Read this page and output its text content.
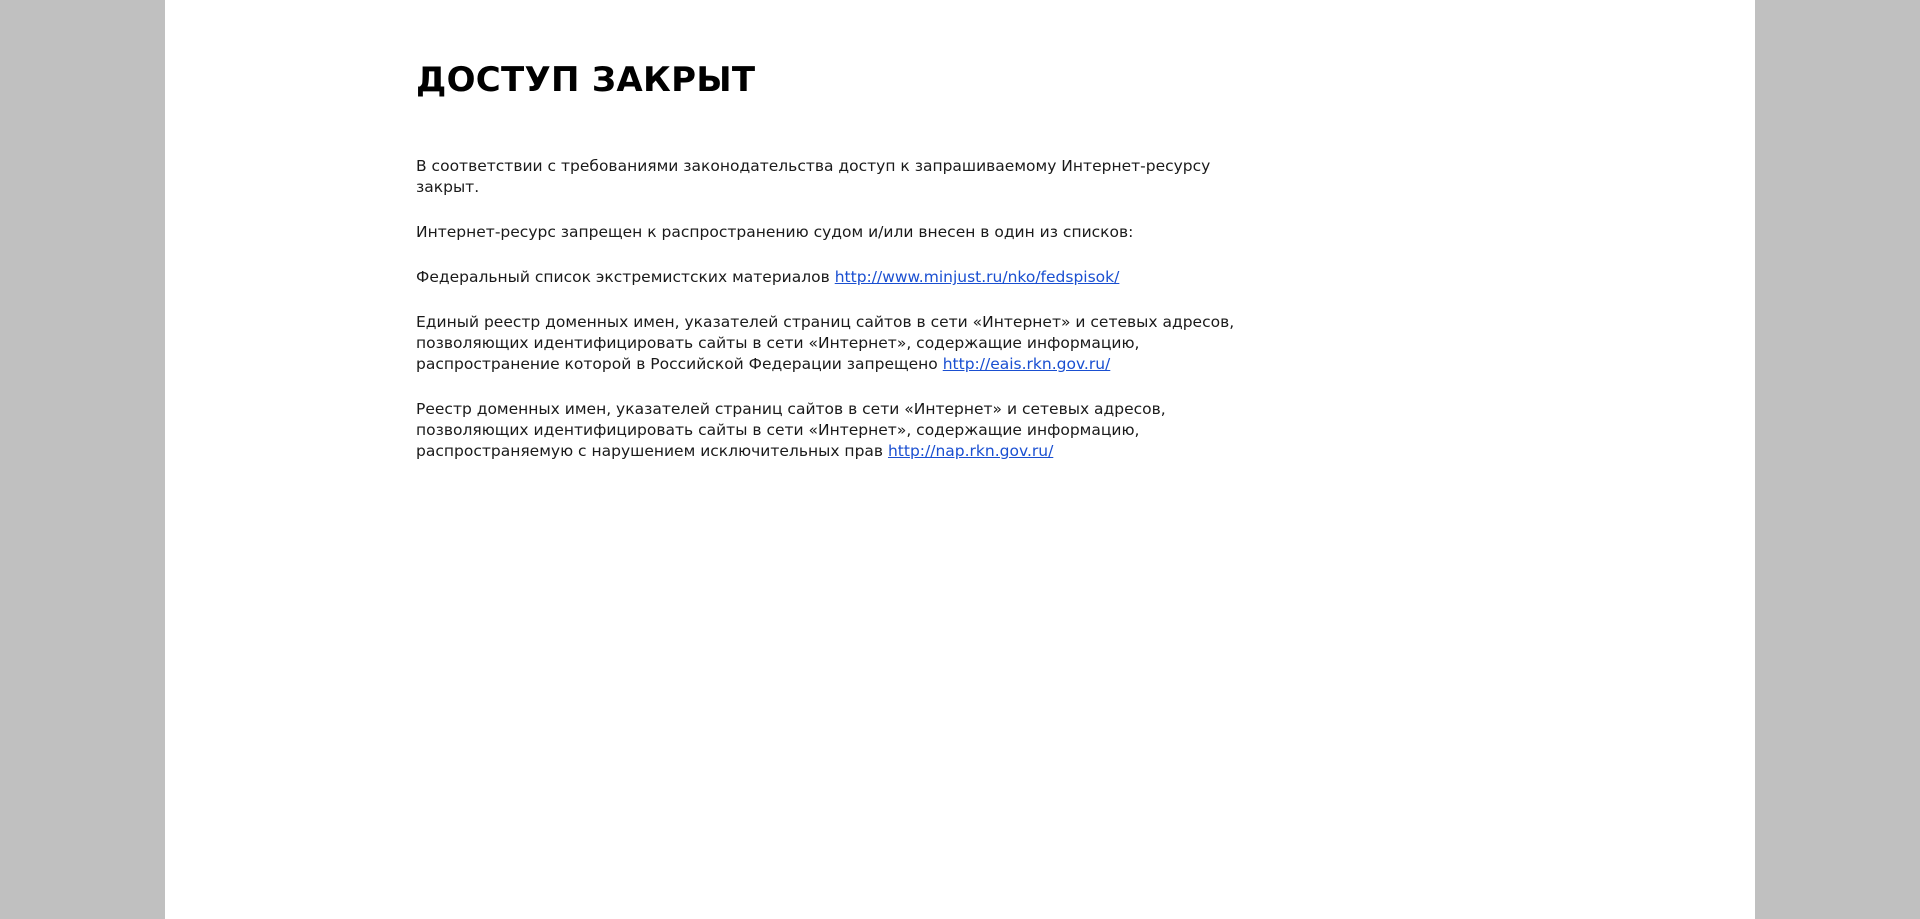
ДОСТУП ЗАКРЫТ

В соответствии с требованиями законодательства доступ к запрашиваемому Интернет-ресурсу закрыт.

Интернет-ресурс запрещен к распространению судом и/или внесен в один из списков:

Федеральный список экстремистских материалов http://www.minjust.ru/nko/fedspisok/

Единый реестр доменных имен, указателей страниц сайтов в сети «Интернет» и сетевых адресов, позволяющих идентифицировать сайты в сети «Интернет», содержащие информацию, распространение которой в Российской Федерации запрещено http://eais.rkn.gov.ru/

Реестр доменных имен, указателей страниц сайтов в сети «Интернет» и сетевых адресов, позволяющих идентифицировать сайты в сети «Интернет», содержащие информацию, распространяемую с нарушением исключительных прав http://nap.rkn.gov.ru/
